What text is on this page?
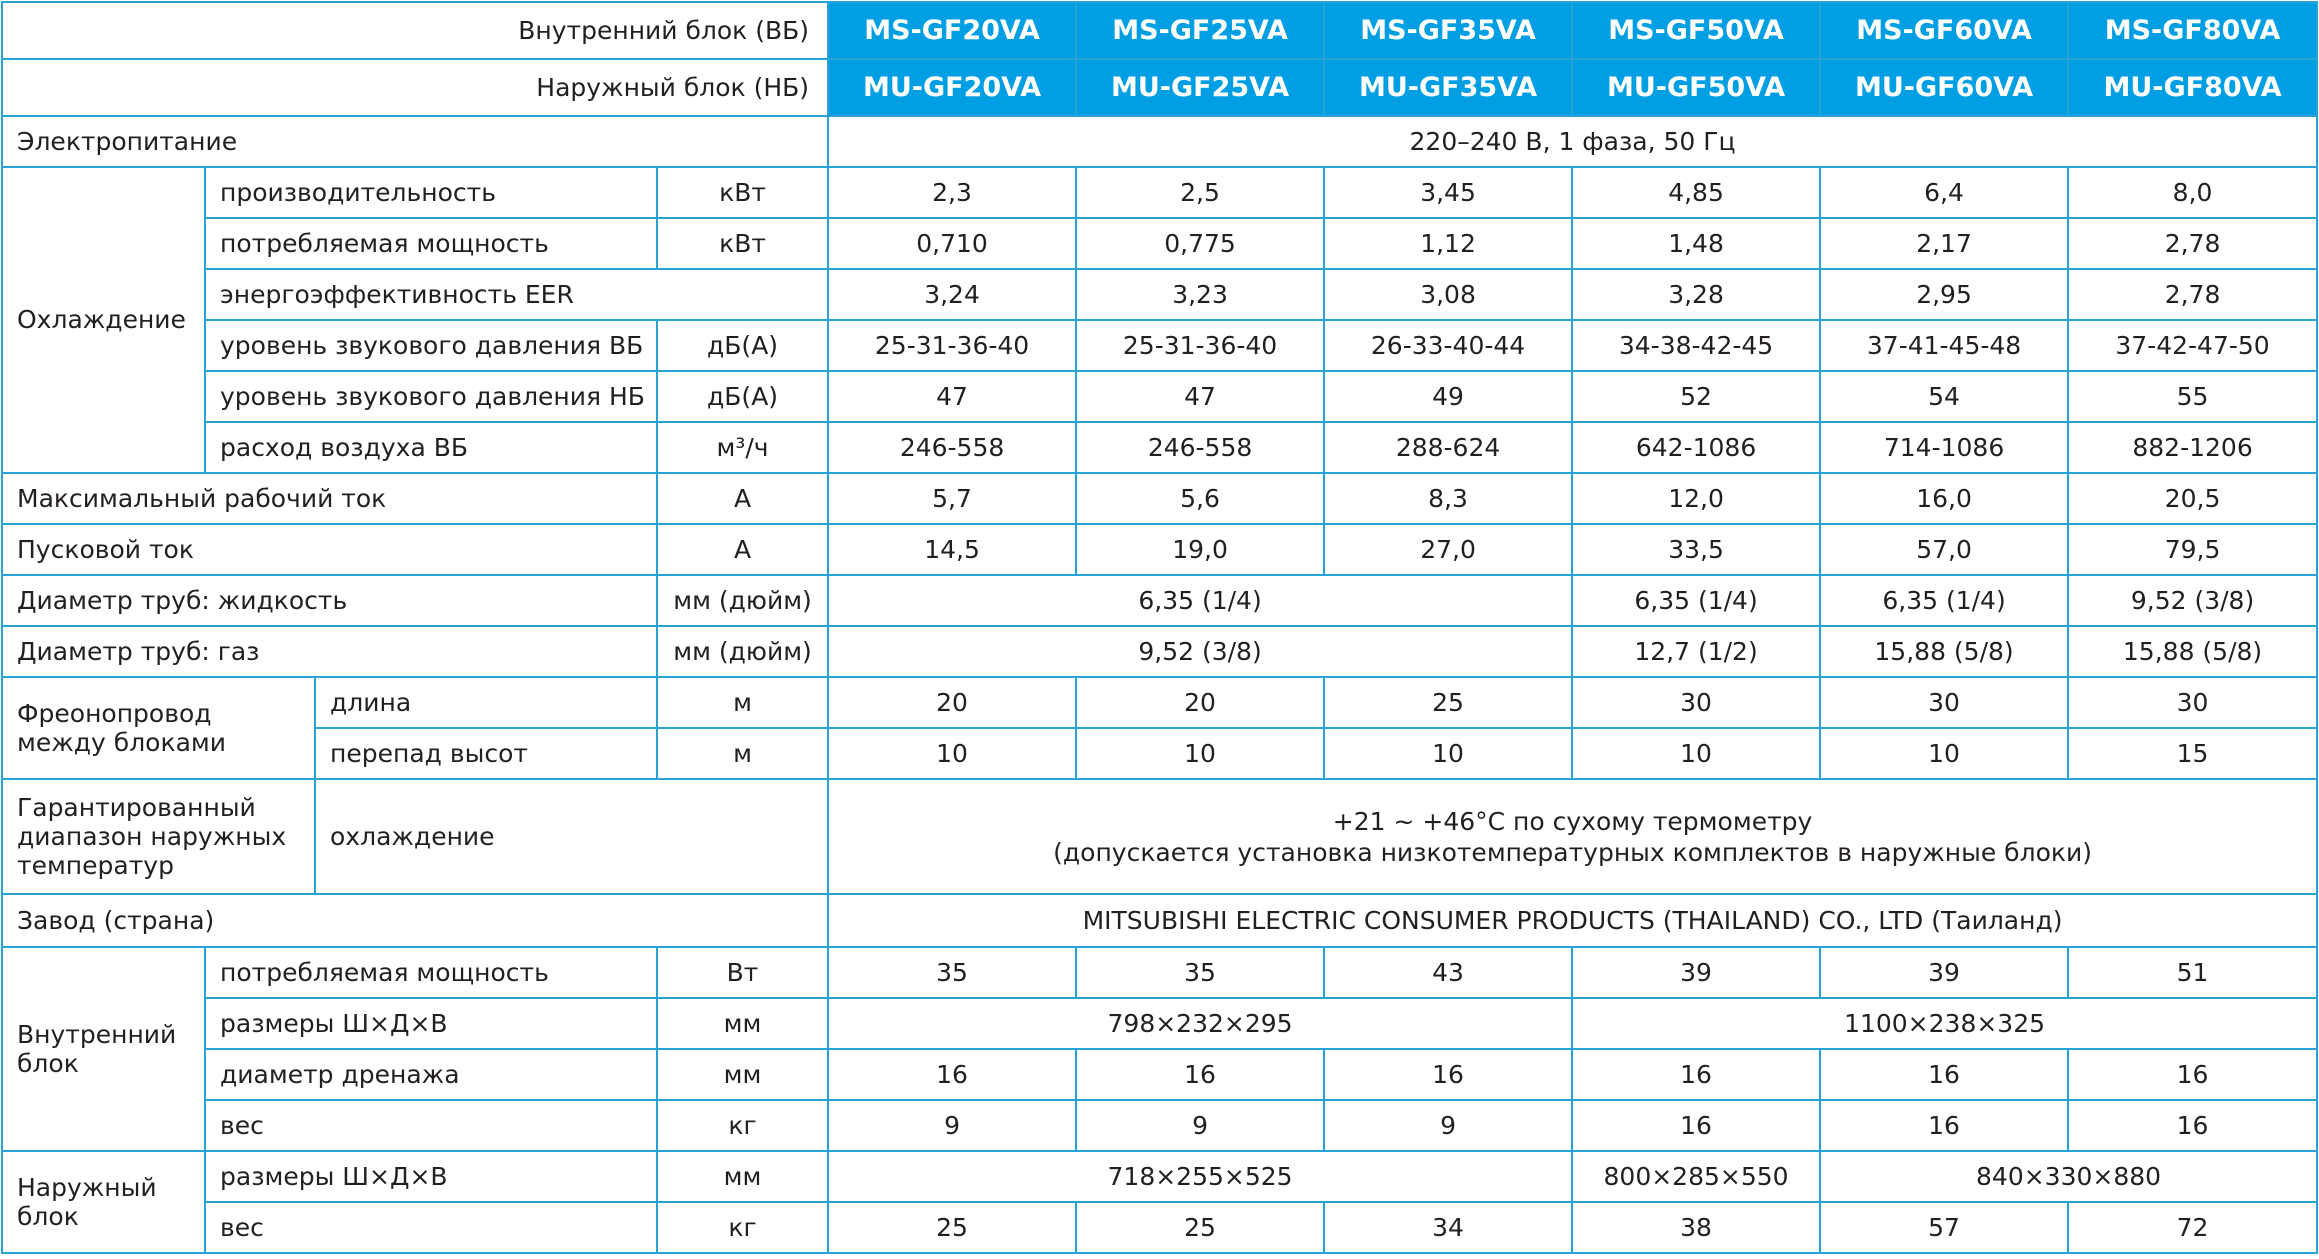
Внутренний блок (ВБ)				MS-GF20VA	MS-GF25VA	MS-GF35VA	MS-GF50VA	MS-GF60VA	MS-GF80VA
Наружный блок (НБ)				MU-GF20VA	MU-GF25VA	MU-GF35VA	MU-GF50VA	MU-GF60VA	MU-GF80VA
Электропитание				220–240 В, 1 фаза, 50 Гц					
Охлаждение	производительность		кВт	2,3	2,5	3,45	4,85	6,4	8,0
	потребляемая мощность		кВт	0,710	0,775	1,12	1,48	2,17	2,78
	энергоэффективность EER			3,24	3,23	3,08	3,28	2,95	2,78
	уровень звукового давления ВБ		дБ(А)	25-31-36-40	25-31-36-40	26-33-40-44	34-38-42-45	37-41-45-48	37-42-47-50
	уровень звукового давления НБ		дБ(А)	47	47	49	52	54	55
	расход воздуха ВБ		м³/ч	246-558	246-558	288-624	642-1086	714-1086	882-1206
Максимальный рабочий ток			А	5,7	5,6	8,3	12,0	16,0	20,5
Пусковой ток			А	14,5	19,0	27,0	33,5	57,0	79,5
Диаметр труб: жидкость			мм (дюйм)	6,35 (1/4)			6,35 (1/4)	6,35 (1/4)	9,52 (3/8)
Диаметр труб: газ			мм (дюйм)	9,52 (3/8)			12,7 (1/2)	15,88 (5/8)	15,88 (5/8)
Фреонопровод между блоками		длина	м	20	20	25	30	30	30
		перепад высот	м	10	10	10	10	10	15
Гарантированный диапазон наружных температур		охлаждение		+21 ~ +46°С по сухому термометру
(допускается установка низкотемпературных комплектов в наружные блоки)					

Завод (страна)				MITSUBISHI ELECTRIC CONSUMER PRODUCTS (THAILAND) CO., LTD (Таиланд)					
Внутренний блок	потребляемая мощность		Вт	35	35	43	39	39	51
	размеры Ш×Д×В		мм	798×232×295			1100×238×325		
	диаметр дренажа		мм	16	16	16	16	16	16
	вес		кг	9	9	9	16	16	16
Наружный блок	размеры Ш×Д×В		мм	718×255×525			800×285×550	840×330×880	
	вес		кг	25	25	34	38	57	72
